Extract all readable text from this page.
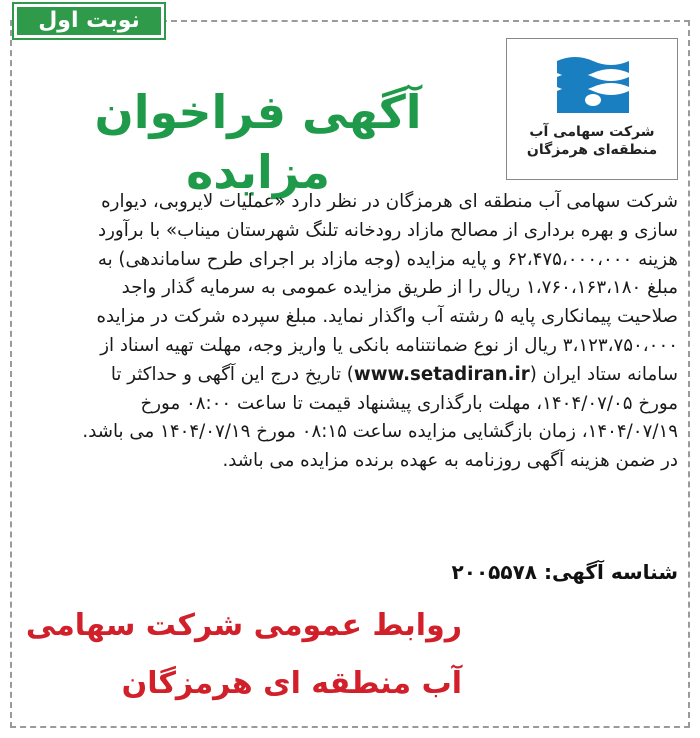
نوبت اول
شرکت سهامی آب
منطقه‌ای هرمزگان
آگهی فراخوان مزایده
شرکت سهامی آب منطقه ای هرمزگان در نظر دارد «عملیات لایروبی، دیواره
سازی و بهره برداری از مصالح مازاد رودخانه تلنگ شهرستان میناب» با برآورد
هزینه ۶۲،۴۷۵،۰۰۰،۰۰۰ و پایه مزایده (وجه مازاد بر اجرای طرح ساماندهی) به
مبلغ ۱،۷۶۰،۱۶۳،۱۸۰ ریال را از طریق مزایده عمومی به سرمایه گذار واجد
صلاحیت پیمانکاری پایه ۵ رشته آب واگذار نماید. مبلغ سپرده شرکت در مزایده
۳،۱۲۳،۷۵۰،۰۰۰ ریال از نوع ضمانتنامه بانکی یا واریز وجه، مهلت تهیه اسناد از
سامانه ستاد ایران (www.setadiran.ir) تاریخ درج این آگهی و حداکثر تا
مورخ ۱۴۰۴/۰۷/۰۵، مهلت بارگذاری پیشنهاد قیمت تا ساعت ۰۸:۰۰ مورخ
۱۴۰۴/۰۷/۱۹، زمان بازگشایی مزایده ساعت ۰۸:۱۵ مورخ ۱۴۰۴/۰۷/۱۹ می باشد.
در ضمن هزینه آگهی روزنامه به عهده برنده مزایده می باشد.
شناسه آگهی: ۲۰۰۵۵۷۸
روابط عمومی شرکت سهامی
آب منطقه ای هرمزگان
